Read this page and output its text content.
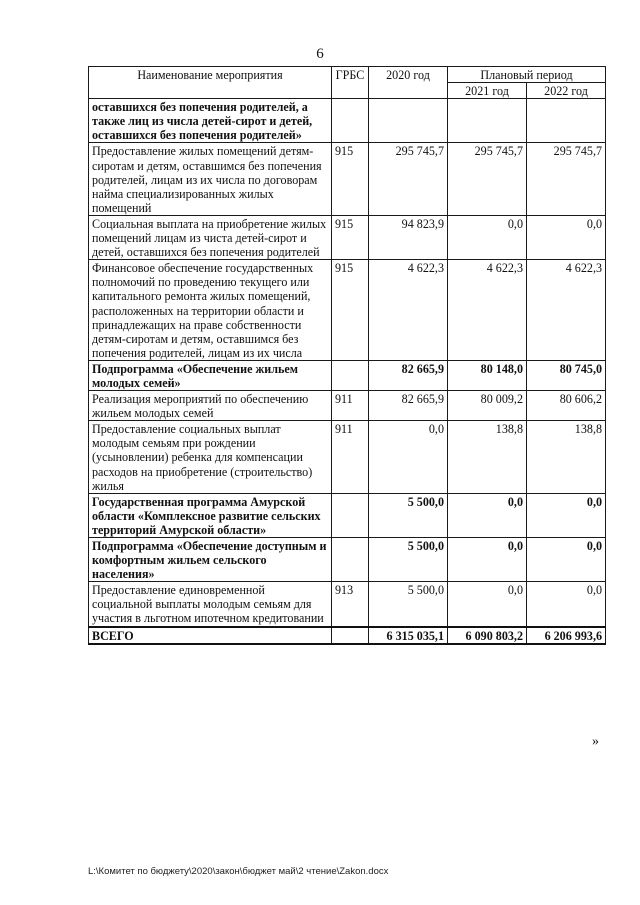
6
Наименование мероприятия	ГРБС	2020 год	Плановый период	
			2021 год	2022 год
оставшихся без попечения родителей, а также лиц из числа детей-сирот и детей, оставшихся без попечения родителей»				
Предоставление жилых помещений детям-сиротам и детям, оставшимся без попечения родителей, лицам из их числа по договорам найма специализированных жилых помещений	915	295 745,7	295 745,7	295 745,7
Социальная выплата на приобретение жилых помещений лицам из чиста детей-сирот и детей, оставшихся без попечения родителей	915	94 823,9	0,0	0,0
Финансовое обеспечение государственных полномочий по проведению текущего или капитального ремонта жилых помещений, расположенных на территории области и принадлежащих на праве собственности детям-сиротам и детям, оставшимся без попечения родителей, лицам из их числа	915	4 622,3	4 622,3	4 622,3
Подпрограмма «Обеспечение жильем молодых семей»		82 665,9	80 148,0	80 745,0
Реализация мероприятий по обеспечению жильем молодых семей	911	82 665,9	80 009,2	80 606,2
Предоставление социальных выплат молодым семьям при рождении (усыновлении) ребенка для компенсации расходов на приобретение (строительство) жилья	911	0,0	138,8	138,8
Государственная программа Амурской области «Комплексное развитие сельских территорий Амурской области»		5 500,0	0,0	0,0
Подпрограмма «Обеспечение доступным и комфортным жильем сельского населения»		5 500,0	0,0	0,0
Предоставление единовременной социальной выплаты молодым семьям для участия в льготном ипотечном кредитовании	913	5 500,0	0,0	0,0
ВСЕГО		6 315 035,1	6 090 803,2	6 206 993,6
»
L:\Комитет по бюджету\2020\закон\бюджет май\2 чтение\Zakon.docx
